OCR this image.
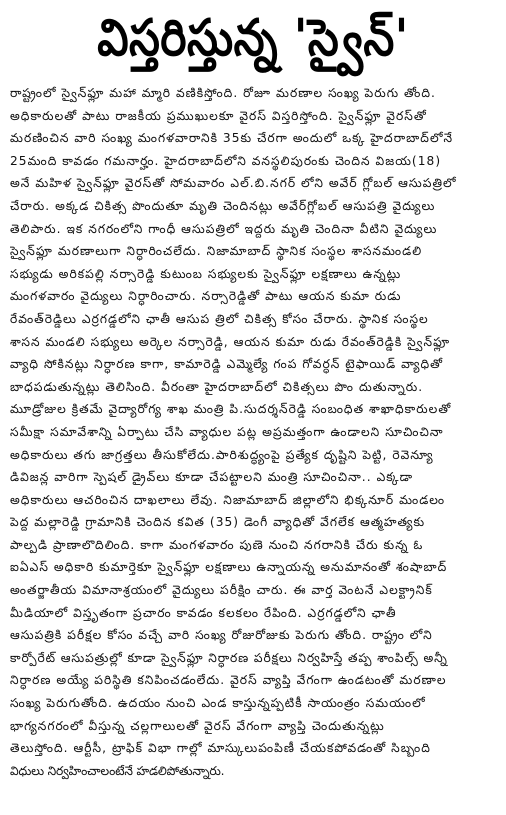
విస్తరిస్తున్న 'స్వైన్'
రాష్ట్రంలో స్వైన్‌ఫ్లూ మహా మ్మారి వణికిస్తోంది. రోజూ మరణాల సంఖ్య పెరుగు తోంది.
అధికారులతో పాటు రాజకీయ ప్రముఖులకూ వైరస్ విస్తరిస్తోంది. స్వైన్‌ఫ్లూ వైరస్‌తో
మరణించిన వారి సంఖ్య మంగళవారానికి 35కు చేరగా అందులో ఒక్క హైదరాబాద్‌లోనే
25మంది కావడం గమనార్హం. హైదరాబాద్‌లోని వనస్థలిపురంకు చెందిన విజయ(18)
అనే మహిళ స్వైన్‌ఫ్లూ వైరస్‌తో సోమవారం ఎల్.బి.నగర్ లోని అవేర్ గ్లోబల్ ఆసుపత్రిలో
చేరారు. అక్కడ చికిత్స పొందుతూ మృతి చెందినట్లు అవేర్‌గ్లోబల్ ఆసుపత్రి వైద్యులు
తెలిపారు. ఇక నగరంలోని గాంధీ ఆసుపత్రిలో ఇద్దరు మృతి చెందినా వీటిని వైద్యులు
స్వైన్‌ఫ్లూ మరణాలుగా నిర్ధారించలేదు. నిజామాబాద్ స్థానిక సంస్థల శాసనమండలి
సభ్యుడు అరికపల్లి నర్సారెడ్డి కుటుంబ సభ్యులకు స్వైన్‌ఫ్లూ లక్షణాలు ఉన్నట్లు
మంగళవారం వైద్యులు నిర్ధారించారు. నర్సారెడ్డితో పాటు ఆయన కుమా రుడు
రేవంత్‌రెడ్డిలు ఎర్రగడ్డలోని ఛాతీ ఆసుప త్రిలో చికిత్స కోసం చేరారు. స్థానిక సంస్థల
శాసన మండలి సభ్యులు అర్కెల నర్సారెడ్డి, ఆయన కుమా రుడు రేవంత్‌రెడ్డికి స్వైన్‌ఫ్లూ
వ్యాధి సోకినట్లు నిర్ధారణ కాగా, కామారెడ్డి ఎమ్మెల్యే గంప గోవర్ధన్ టైఫాయిడ్ వ్యాధితో
బాధపడుతున్నట్లు తెలిసింది. వీరంతా హైదరాబాద్‌లో చికిత్సలు పొం దుతున్నారు.
మూడ్రోజుల క్రితమే వైద్యారోగ్య శాఖ మంత్రి పి.సుదర్శన్‌రెడ్డి సంబంధిత శాఖాధికారులతో
సమీక్షా సమావేశాన్ని ఏర్పాటు చేసి వ్యాధుల పట్ల అప్రమత్తంగా ఉండాలని సూచించినా
అధికారులు తగు జాగ్రత్తలు తీసుకోలేదు.పారిశుద్ధ్యంపై ప్రత్యేక దృష్టిని పెట్టి, రెవెన్యూ
డివిజన్ల వారిగా స్పెషల్ డ్రైవ్‌లు కూడా చేపట్టాలని మంత్రి సూచించినా.. ఎక్కడా
అధికారులు ఆచరించిన దాఖలాలు లేవు. నిజామాబాద్ జిల్లాలోని భిక్కనూర్ మండలం
పెద్ద మల్లారెడ్డి గ్రామానికి చెందిన కవిత (35) డెంగీ వ్యాధితో వేగలేక ఆత్మహత్యకు
పాల్పడి ప్రాణాలొదిలింది. కాగా మంగళవారం పుణె నుంచి నగరానికి చేరు కున్న ఓ
ఐఏఎస్ అధికారి కుమార్తెకూ స్వైన్‌ఫ్లూ లక్షణాలు ఉన్నాయన్న అనుమానంతో శంషాబాద్
అంతర్జాతీయ విమానాశ్రయంలో వైద్యులు పరీక్షిం చారు. ఈ వార్త వెంటనే ఎలక్ట్రానిక్
మీడియాలో విస్తృతంగా ప్రచారం కావడం కలకలం రేపింది. ఎర్రగడ్డలోని ఛాతీ
ఆసుపత్రికి పరీక్షల కోసం వచ్చే వారి సంఖ్య రోజురోజుకు పెరుగు తోంది. రాష్ట్రం లోని
కార్పోరేట్ ఆసుపత్రుల్లో కూడా స్వైన్‌ఫ్లూ నిర్ధారణ పరీక్షలు నిర్వహిస్తే తప్ప శాంపిల్స్ అన్నీ
నిర్ధారణ అయ్యే పరిస్థితి కనిపించడంలేదు. వైరస్ వ్యాప్తి వేగంగా ఉండటంతో మరణాల
సంఖ్య పెరుగుతోంది. ఉదయం నుంచి ఎండ కాస్తున్నప్పటికీ సాయంత్రం సమయంలో
భాగ్యనగరంలో వీస్తున్న చల్లగాలులతో వైరస్ వేగంగా వ్యాప్తి చెందుతున్నట్లు
తెలుస్తోంది. ఆర్టీసీ, ట్రాఫిక్ విభా గాల్లో మాస్కులుపంపిణీ చేయకపోవడంతో సిబ్బంది
విధులు నిర్వహించాలంటేనే హడలిపోతున్నారు.
